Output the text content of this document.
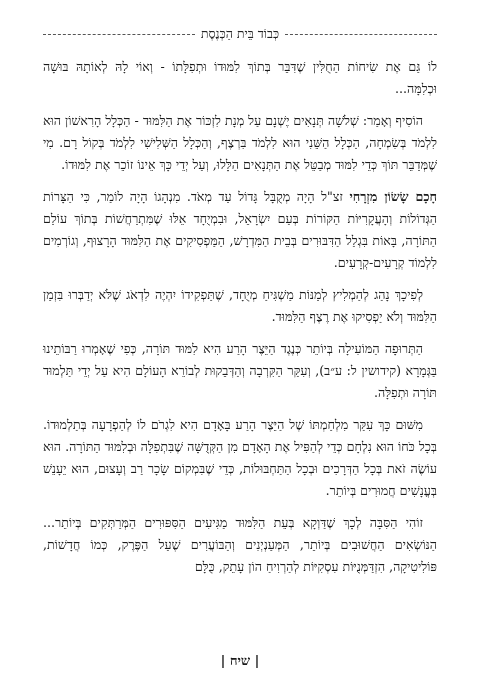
כְּבוֹד בֵּית הַכְּנֶסֶת

לוֹ גַּם אֶת שִׂיחוֹת הַחֻלִּין שֶׁדִּבֵּר בְּתוֹךְ לִמּוּדוֹ וּתְפִלָּתוֹ - וְאוֹי לָהּ לְאוֹתָהּ בּוּשָׁה וּכְלִמָּה...

הוֹסִיף וְאָמַר: שְׁלֹשָׁה תְּנָאִים יֶשְׁנָם עַל מְנָת לִזְכּוֹר אֶת הַלִּמּוּד - הַכְּלָל הָרִאשׁוֹן הוּא לִלְמֹד בְּשִׂמְחָה, הַכְּלָל הַשֵּׁנִי הוּא לִלְמֹד בִּרְצֶף, וְהַכְּלָל הַשְּׁלִישִׁי לִלְמֹד בְּקוֹל רָם. מִי שֶׁמְּדַבֵּר תּוֹךְ כְּדֵי לִמּוּד מְבַטֵּל אֶת הַתְּנָאִים הַלָּלוּ, וְעַל יְדֵי כָּךְ אֵינוֹ זוֹכֵר אֶת לִמּוּדוֹ.

חָכָם שָׂשׂוֹן מִזְרָחִי זצ"ל הָיָה מְקֻבָּל גָּדוֹל עַד מְאֹד. מִנְהָגוֹ הָיָה לוֹמַר, כִּי הַצָּרוֹת הַגְּדוֹלוֹת וְהָעֲקָרִיּוֹת הַקּוֹרוֹת בְּעַם יִשְׂרָאֵל, וּבִמְיֻחָד אֵלּוּ שֶׁמִּתְרַחֲשׁוֹת בְּתוֹךְ עוֹלַם הַתּוֹרָה, בָּאוֹת בִּגְלַל הַדִּבּוּרִים בְּבֵית הַמִּדְרָשׁ, הַמַּפְסִיקִים אֶת הַלִּמּוּד הָרָצוּף, וְגוֹרְמִים לִלְמוֹד קְרָעִים-קְרָעִים.

לְפִיכָךְ נָהַג לְהַמְלִיץ לְמַנּוֹת מַשְׁגִּיחַ מְיֻחָד, שֶׁתַּפְקִידוֹ יִהְיֶה לִדְאֹג שֶׁלֹּא יְדַבְּרוּ בִּזְמַן הַלִּמּוּד וְלֹא יַפְסִיקוּ אֶת רֶצֶף הַלִּמּוּד.

הַתְּרוּפָה הַמּוֹעִילָה בְּיוֹתֵר כְּנֶגֶד הַיֵּצֶר הָרַע הִיא לִמּוּד תּוֹרָה, כְּפִי שֶׁאָמְרוּ רַבּוֹתֵינוּ בַּגְּמָרָא (קידושין ל: ע״ב), וְעִקַּר הַקִּרְבָה וְהַדְּבֵקוּת לְבוֹרֵא הָעוֹלָם הִיא עַל יְדֵי תַּלְמוּד תּוֹרָה וּתְפִלָּה.

מִשּׁוּם כָּךְ עִקַּר מִלְחַמְתּוֹ שֶׁל הַיֵּצֶר הָרַע בָּאָדָם הִיא לִגְרֹם לוֹ לְהַפְרָעָה בְּתַלְמוּדוֹ. בְּכָל כֹּחוֹ הוּא נִלְחָם כְּדֵי לְהַפִּיל אֶת הָאָדָם מִן הַקְּדֻשָּׁה שֶׁבִּתְפִלָּה וּבְלִמּוּד הַתּוֹרָה. הוּא עוֹשֶׂה זֹאת בְּכָל הַדְּרָכִים וּבְכָל הַתַּחְבּוּלוֹת, כְּדֵי שֶׁבִּמְקוֹם שָׂכָר רַב וְעָצוּם, הוּא יֵעָנֵשׁ בְּעֳנָשִׁים חֲמוּרִים בְּיוֹתֵר.

זוֹהִי הַסִּבָּה לְכָךְ שֶׁדַּוְקָא בְּעֵת הַלִּמּוּד מַגִּיעִים הַסִּפּוּרִים הַמְּרַתְּקִים בְּיוֹתֵר... הַנּוֹשְׂאִים הַחֲשׁוּבִים בְּיוֹתֵר, הַמְּעַנְיְנִים וְהַבּוֹעֲרִים שֶׁעַל הַפֶּרֶק, כְּמוֹ חֲדָשׁוֹת, פּוֹלִיטִיקָה, הִזְדַּמְּנֻיּוֹת עִסְקִיּוֹת לְהַרְוִיחַ הוֹן עָתֵק, כֻּלָּם

| שיח |
